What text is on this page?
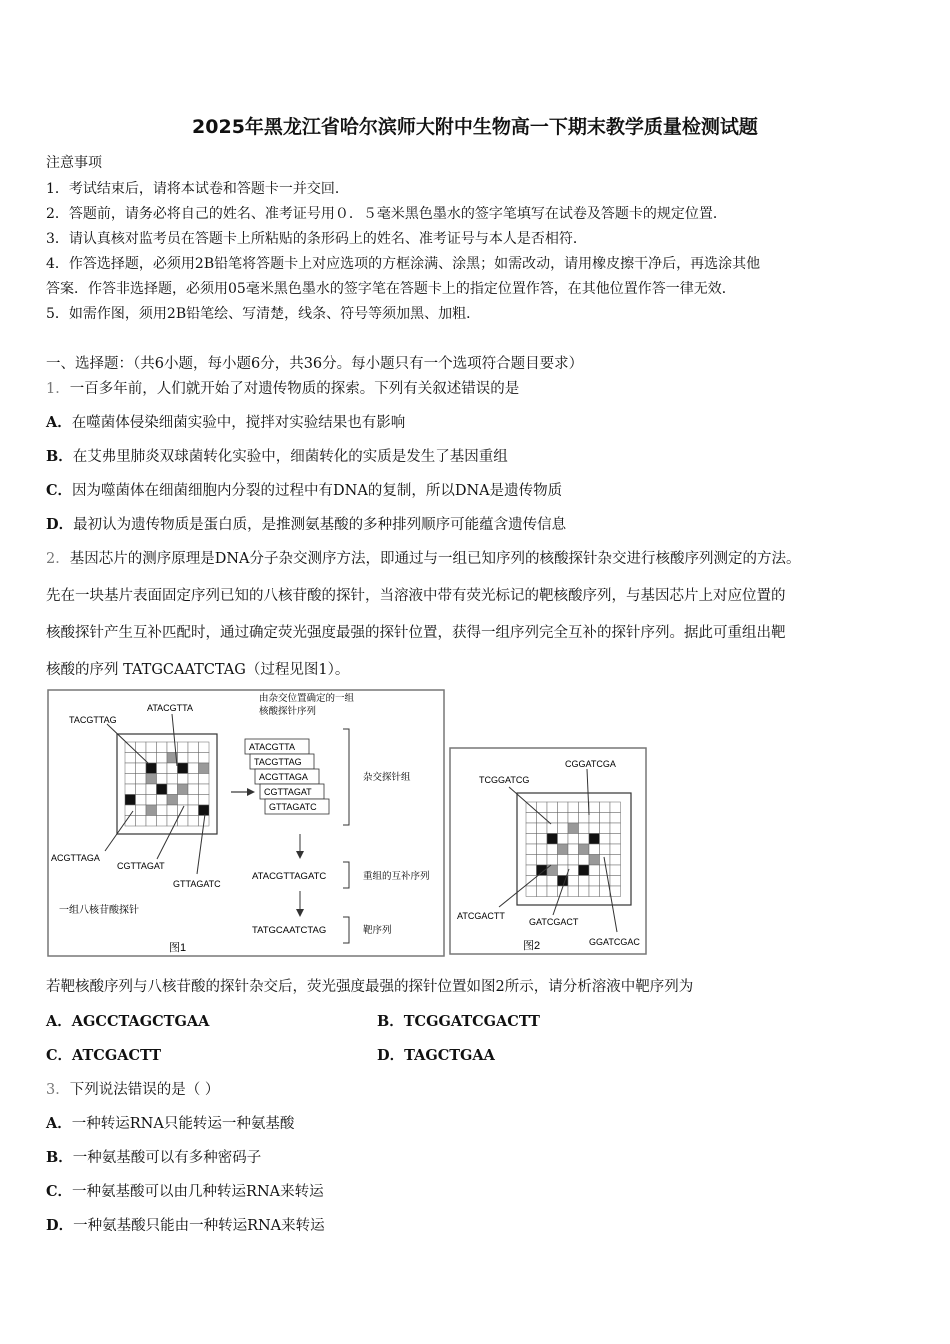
2025年黑龙江省哈尔滨师大附中生物高一下期末教学质量检测试题
注意事项
1．考试结束后，请将本试卷和答题卡一并交回．
2．答题前，请务必将自己的姓名、准考证号用０．５毫米黑色墨水的签字笔填写在试卷及答题卡的规定位置．
3．请认真核对监考员在答题卡上所粘贴的条形码上的姓名、准考证号与本人是否相符．
4．作答选择题，必须用2B铅笔将答题卡上对应选项的方框涂满、涂黑；如需改动，请用橡皮擦干净后，再选涂其他
答案．作答非选择题，必须用05毫米黑色墨水的签字笔在答题卡上的指定位置作答，在其他位置作答一律无效．
5．如需作图，须用2B铅笔绘、写清楚，线条、符号等须加黑、加粗．
一、选择题：（共6小题，每小题6分，共36分。每小题只有一个选项符合题目要求）
1．一百多年前，人们就开始了对遗传物质的探索。下列有关叙述错误的是
A．在噬菌体侵染细菌实验中，搅拌对实验结果也有影响
B．在艾弗里肺炎双球菌转化实验中，细菌转化的实质是发生了基因重组
C．因为噬菌体在细菌细胞内分裂的过程中有DNA的复制，所以DNA是遗传物质
D．最初认为遗传物质是蛋白质，是推测氨基酸的多种排列顺序可能蕴含遗传信息
2．基因芯片的测序原理是DNA分子杂交测序方法，即通过与一组已知序列的核酸探针杂交进行核酸序列测定的方法。
先在一块基片表面固定序列已知的八核苷酸的探针，当溶液中带有荧光标记的靶核酸序列，与基因芯片上对应位置的
核酸探针产生互补匹配时，通过确定荧光强度最强的探针位置，获得一组序列完全互补的探针序列。据此可重组出靶
核酸的序列 TATGCAATCTAG（过程见图1）。
TACGTTAG
ATACGTTA
ACGTTAGA
CGTTAGAT
GTTAGATC
一组八核苷酸探针
由杂交位置确定的一组
核酸探针序列
ATACGTTA
TACGTTAG
ACGTTAGA
CGTTAGAT
GTTAGATC
杂交探针组
ATACGTTAGATC	重组的互补序列
TATGCAATCTAG	靶序列
图1
TCGGATCG
CGGATCGA
ATCGACTT
GATCGACT
GGATCGAC
图2
若靶核酸序列与八核苷酸的探针杂交后，荧光强度最强的探针位置如图2所示，请分析溶液中靶序列为
A．AGCCTAGCTGAA	B．TCGGATCGACTT
C．ATCGACTT	D．TAGCTGAA
3．下列说法错误的是（ ）
A．一种转运RNA只能转运一种氨基酸
B．一种氨基酸可以有多种密码子
C．一种氨基酸可以由几种转运RNA来转运
D．一种氨基酸只能由一种转运RNA来转运
